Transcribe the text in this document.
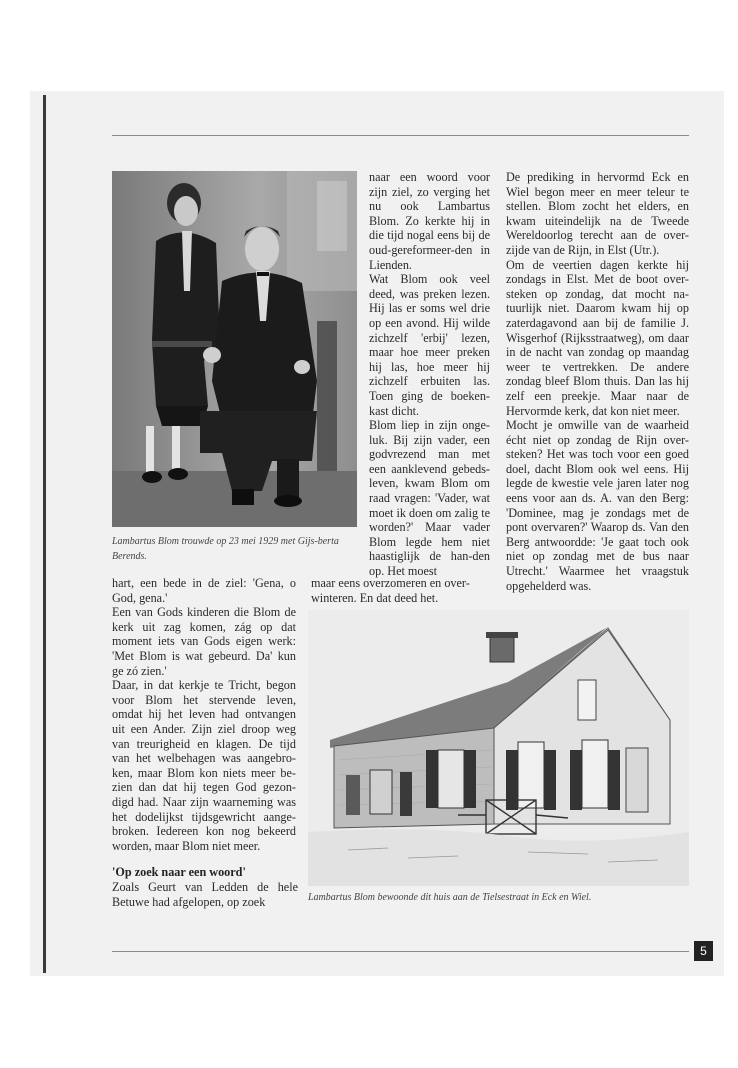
Lambartus Blom trouwde op 23 mei 1929 met Gijs-berta Berends.
naar een woord voor zijn ziel, zo verging het nu ook Lambartus Blom. Zo kerkte hij in die tijd nogal eens bij de oud-gereformeer-den in Lienden.
Wat Blom ook veel deed, was preken lezen. Hij las er soms wel drie op een avond. Hij wilde zichzelf 'erbij' lezen, maar hoe meer preken hij las, hoe meer hij zichzelf erbuiten las. Toen ging de boeken-kast dicht.
Blom liep in zijn onge-luk. Bij zijn vader, een godvrezend man met een aanklevend gebeds-leven, kwam Blom om raad vragen: 'Vader, wat moet ik doen om zalig te worden?' Maar vader Blom legde hem niet haastiglijk de han-den op. Het moest
maar eens overzomeren en over-winteren. En dat deed het.
hart, een bede in de ziel: 'Gena, o God, gena.'
Een van Gods kinderen die Blom de kerk uit zag komen, zág op dat moment iets van Gods eigen werk: 'Met Blom is wat gebeurd. Da' kun ge zó zien.'
Daar, in dat kerkje te Tricht, begon voor Blom het stervende leven, omdat hij het leven had ontvangen uit een Ander. Zijn ziel droop weg van treurigheid en klagen. De tijd van het welbehagen was aangebro-ken, maar Blom kon niets meer be-zien dan dat hij tegen God gezon-digd had. Naar zijn waarneming was het dodelijkst tijdsgewricht aange-broken. Iedereen kon nog bekeerd worden, maar Blom niet meer.
'Op zoek naar een woord'
Zoals Geurt van Ledden de hele Betuwe had afgelopen, op zoek
De prediking in hervormd Eck en Wiel begon meer en meer teleur te stellen. Blom zocht het elders, en kwam uiteindelijk na de Tweede Wereldoorlog terecht aan de over-zijde van de Rijn, in Elst (Utr.).
Om de veertien dagen kerkte hij zondags in Elst. Met de boot over-steken op zondag, dat mocht na-tuurlijk niet. Daarom kwam hij op zaterdagavond aan bij de familie J. Wisgerhof (Rijksstraatweg), om daar in de nacht van zondag op maandag weer te vertrekken. De andere zondag bleef Blom thuis. Dan las hij zelf een preekje. Maar naar de Hervormde kerk, dat kon niet meer.
Mocht je omwille van de waarheid écht niet op zondag de Rijn over-steken? Het was toch voor een goed doel, dacht Blom ook wel eens. Hij legde de kwestie vele jaren later nog eens voor aan ds. A. van den Berg: 'Dominee, mag je zondags met de pont overvaren?' Waarop ds. Van den Berg antwoordde: 'Je gaat toch ook niet op zondag met de bus naar Utrecht.' Waarmee het vraagstuk opgehelderd was.
Lambartus Blom bewoonde dit huis aan de Tielsestraat in Eck en Wiel.
5
